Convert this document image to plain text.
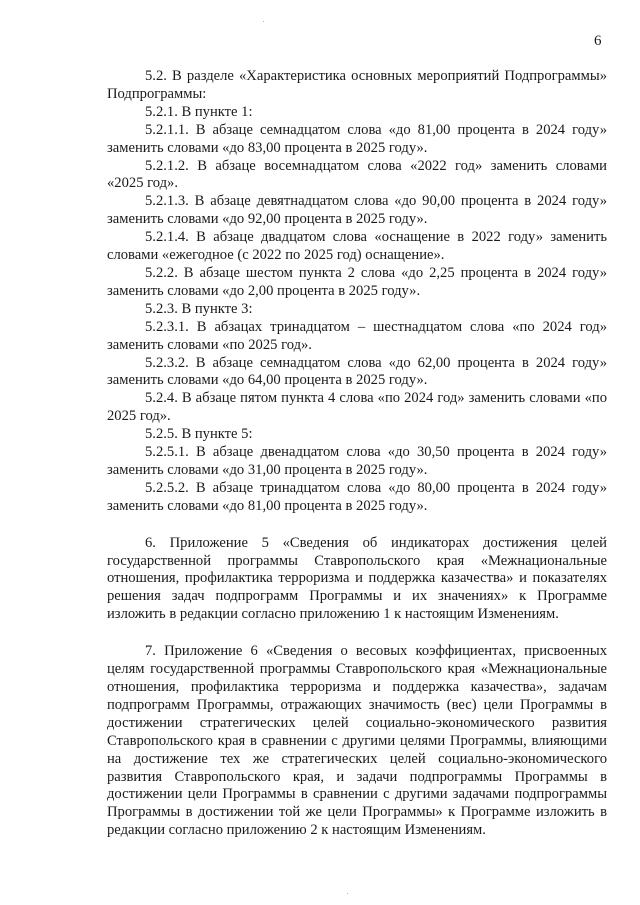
6

5.2. В разделе «Характеристика основных мероприятий Подпрограммы» Подпрограммы:

5.2.1. В пункте 1:

5.2.1.1. В абзаце семнадцатом слова «до 81,00 процента в 2024 году» заменить словами «до 83,00 процента в 2025 году».

5.2.1.2. В абзаце восемнадцатом слова «2022 год» заменить словами «2025 год».

5.2.1.3. В абзаце девятнадцатом слова «до 90,00 процента в 2024 году» заменить словами «до 92,00 процента в 2025 году».

5.2.1.4. В абзаце двадцатом слова «оснащение в 2022 году» заменить словами «ежегодное (с 2022 по 2025 год) оснащение».

5.2.2. В абзаце шестом пункта 2 слова «до 2,25 процента в 2024 году» заменить словами «до 2,00 процента в 2025 году».

5.2.3. В пункте 3:

5.2.3.1. В абзацах тринадцатом – шестнадцатом слова «по 2024 год» заменить словами «по 2025 год».

5.2.3.2. В абзаце семнадцатом слова «до 62,00 процента в 2024 году» заменить словами «до 64,00 процента в 2025 году».

5.2.4. В абзаце пятом пункта 4 слова «по 2024 год» заменить словами «по 2025 год».

5.2.5. В пункте 5:

5.2.5.1. В абзаце двенадцатом слова «до 30,50 процента в 2024 году» заменить словами «до 31,00 процента в 2025 году».

5.2.5.2. В абзаце тринадцатом слова «до 80,00 процента в 2024 году» заменить словами «до 81,00 процента в 2025 году».

6. Приложение 5 «Сведения об индикаторах достижения целей государственной программы Ставропольского края «Межнациональные отношения, профилактика терроризма и поддержка казачества» и показателях решения задач подпрограмм Программы и их значениях» к Программе изложить в редакции согласно приложению 1 к настоящим Изменениям.

7. Приложение 6 «Сведения о весовых коэффициентах, присвоенных целям государственной программы Ставропольского края «Межнациональные отношения, профилактика терроризма и поддержка казачества», задачам подпрограмм Программы, отражающих значимость (вес) цели Программы в достижении стратегических целей социально-экономического развития Ставропольского края в сравнении с другими целями Программы, влияющими на достижение тех же стратегических целей социально-экономического развития Ставропольского края, и задачи подпрограммы Программы в достижении цели Программы в сравнении с другими задачами подпрограммы Программы в достижении той же цели Программы» к Программе изложить в редакции согласно приложению 2 к настоящим Изменениям.
